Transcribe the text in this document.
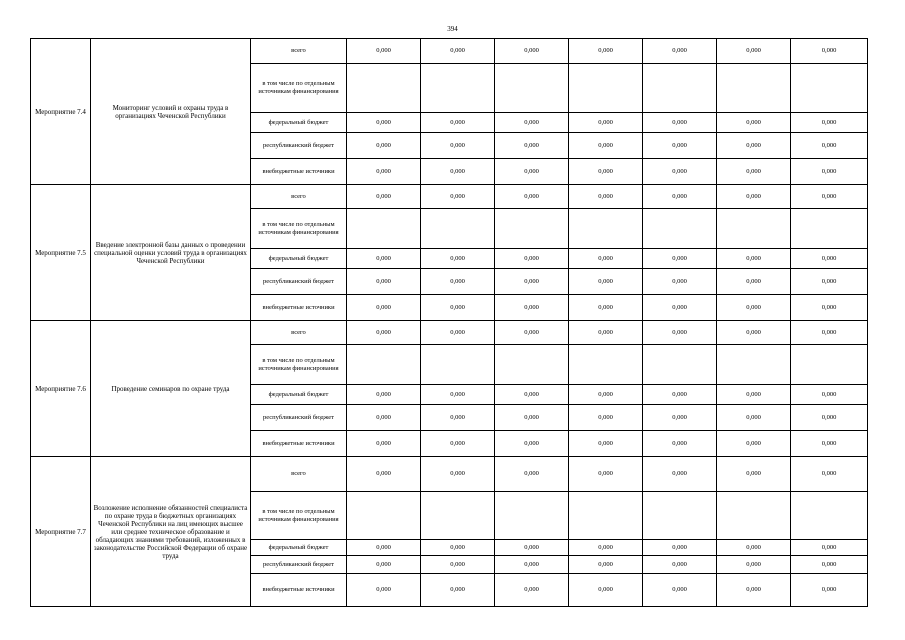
394
Мероприятие 7.4	Мониторинг условий и охраны труда в организациях Чеченской Республики	всего	0,000	0,000	0,000	0,000	0,000	0,000	0,000
		в том числе по отдельным источникам финансирования							
		федеральный бюджет	0,000	0,000	0,000	0,000	0,000	0,000	0,000
		республиканский бюджет	0,000	0,000	0,000	0,000	0,000	0,000	0,000
		внебюджетные источники	0,000	0,000	0,000	0,000	0,000	0,000	0,000
Мероприятие 7.5	Введение электронной базы данных о проведении специальной оценки условий труда в организациях Чеченской Республики	всего	0,000	0,000	0,000	0,000	0,000	0,000	0,000
		в том числе по отдельным источникам финансирования							
		федеральный бюджет	0,000	0,000	0,000	0,000	0,000	0,000	0,000
		республиканский бюджет	0,000	0,000	0,000	0,000	0,000	0,000	0,000
		внебюджетные источники	0,000	0,000	0,000	0,000	0,000	0,000	0,000
Мероприятие 7.6	Проведение семинаров по охране труда	всего	0,000	0,000	0,000	0,000	0,000	0,000	0,000
		в том числе по отдельным источникам финансирования							
		федеральный бюджет	0,000	0,000	0,000	0,000	0,000	0,000	0,000
		республиканский бюджет	0,000	0,000	0,000	0,000	0,000	0,000	0,000
		внебюджетные источники	0,000	0,000	0,000	0,000	0,000	0,000	0,000
Мероприятие 7.7	Возложение исполнение обязанностей специалиста по охране труда в бюджетных организациях Чеченской Республики на лиц имеющих высшее или среднее техническое образование и обладающих знаниями требований, изложенных в законодательстве Российской Федерации об охране труда	всего	0,000	0,000	0,000	0,000	0,000	0,000	0,000
		в том числе по отдельным источникам финансирования							
		федеральный бюджет	0,000	0,000	0,000	0,000	0,000	0,000	0,000
		республиканский бюджет	0,000	0,000	0,000	0,000	0,000	0,000	0,000
		внебюджетные источники	0,000	0,000	0,000	0,000	0,000	0,000	0,000
